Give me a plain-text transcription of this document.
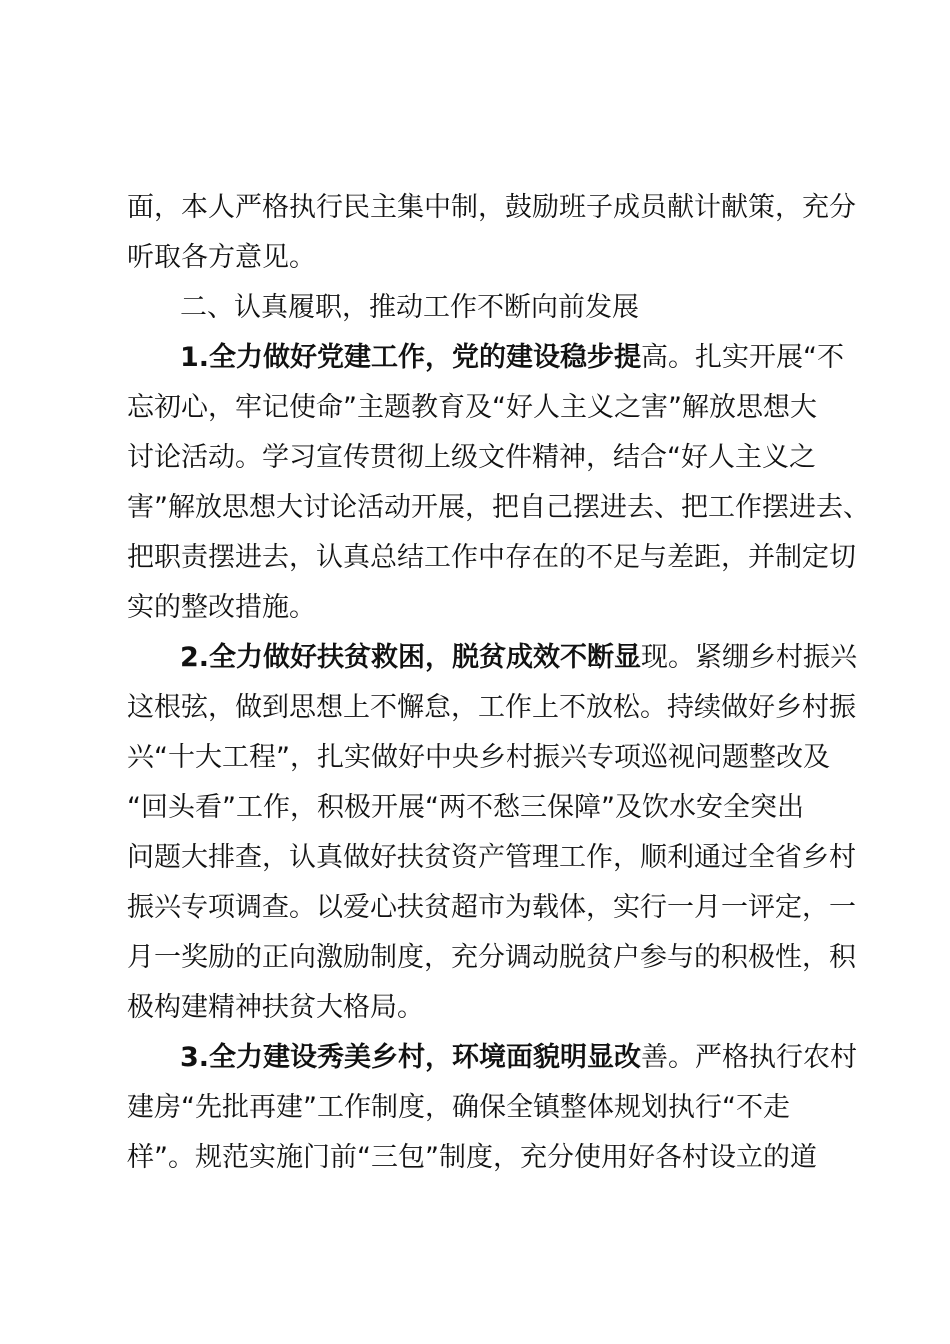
面，本人严格执行民主集中制，鼓励班子成员献计献策，充分

听取各方意见。

二、认真履职，推动工作不断向前发展

1.全力做好党建工作，党的建设稳步提高。扎实开展“不

忘初心，牢记使命”主题教育及“好人主义之害”解放思想大

讨论活动。学习宣传贯彻上级文件精神，结合“好人主义之

害”解放思想大讨论活动开展，把自己摆进去、把工作摆进去、

把职责摆进去，认真总结工作中存在的不足与差距，并制定切

实的整改措施。

2.全力做好扶贫救困，脱贫成效不断显现。紧绷乡村振兴

这根弦，做到思想上不懈怠，工作上不放松。持续做好乡村振

兴“十大工程”，扎实做好中央乡村振兴专项巡视问题整改及

“回头看”工作，积极开展“两不愁三保障”及饮水安全突出

问题大排查，认真做好扶贫资产管理工作，顺利通过全省乡村

振兴专项调查。以爱心扶贫超市为载体，实行一月一评定，一

月一奖励的正向激励制度，充分调动脱贫户参与的积极性，积

极构建精神扶贫大格局。

3.全力建设秀美乡村，环境面貌明显改善。严格执行农村

建房“先批再建”工作制度，确保全镇整体规划执行“不走

样”。规范实施门前“三包”制度，充分使用好各村设立的道
